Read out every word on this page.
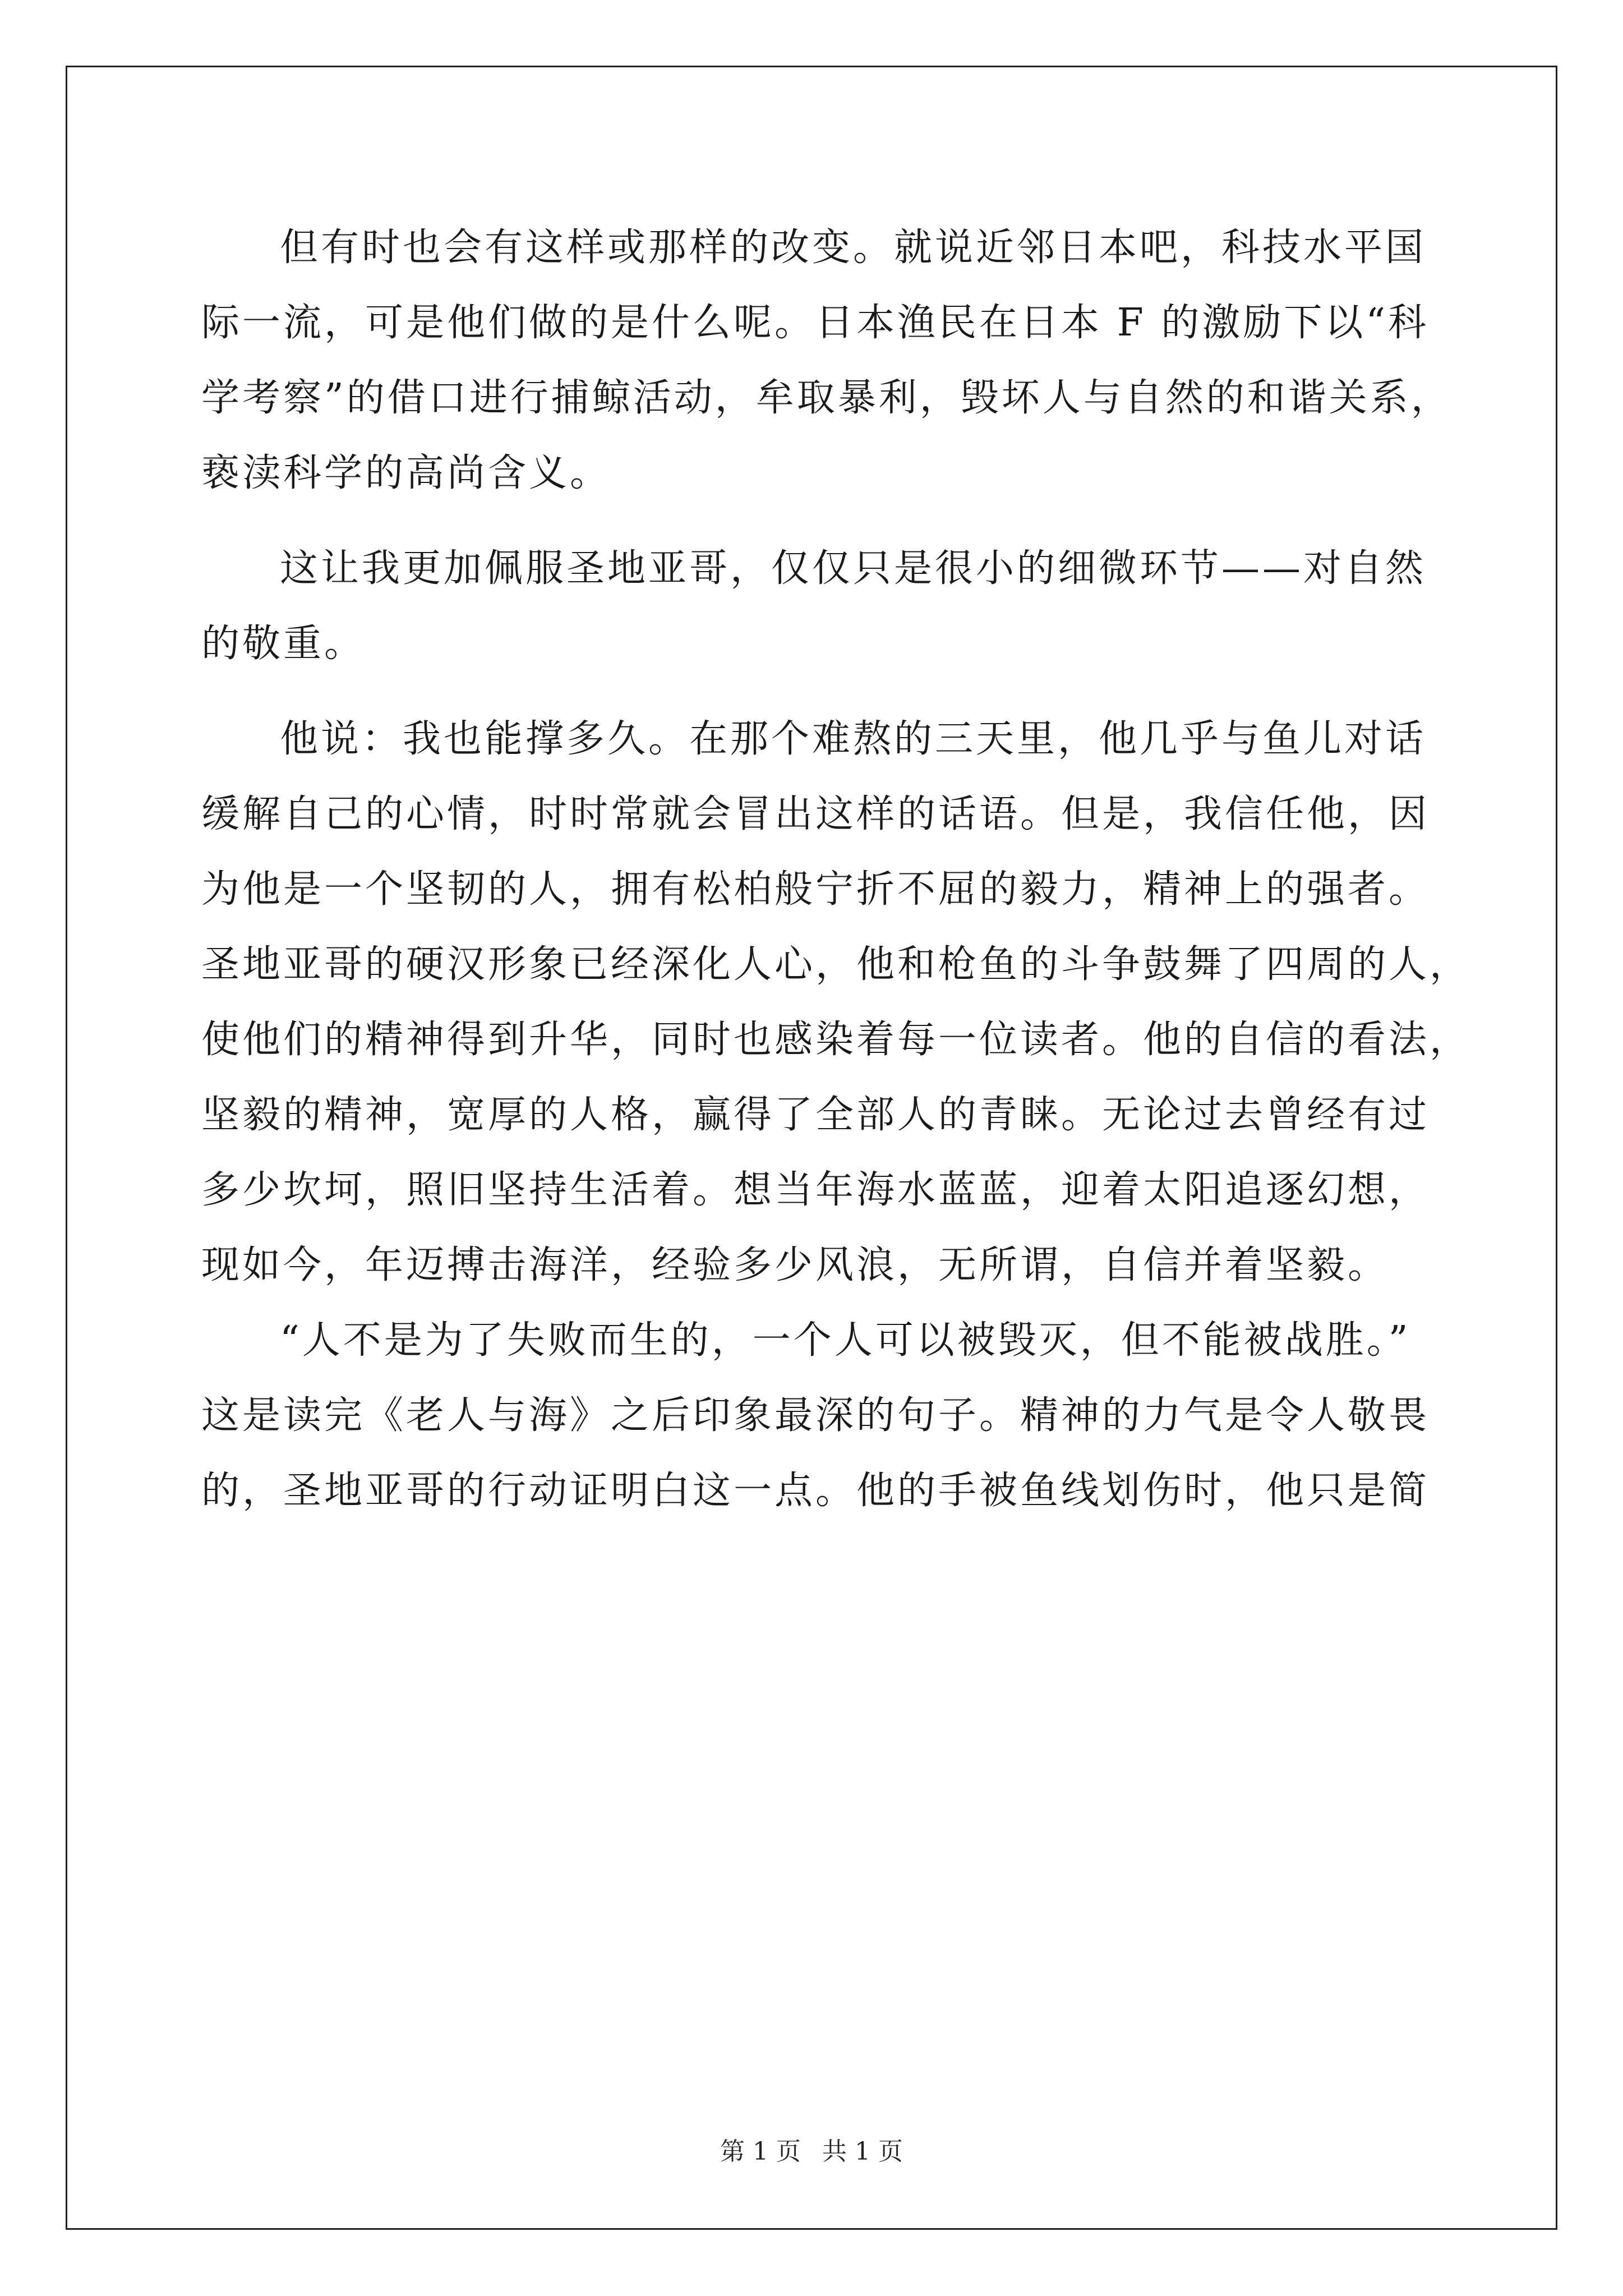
但有时也会有这样或那样的改变。就说近邻日本吧，科技水平国
际一流，可是他们做的是什么呢。日本渔民在日本 F 的激励下以“科
学考察”的借口进行捕鲸活动，牟取暴利，毁坏人与自然的和谐关系，
亵渎科学的高尚含义。
这让我更加佩服圣地亚哥，仅仅只是很小的细微环节——对自然
的敬重。
他说：我也能撑多久。在那个难熬的三天里，他几乎与鱼儿对话
缓解自己的心情，时时常就会冒出这样的话语。但是，我信任他，因
为他是一个坚韧的人，拥有松柏般宁折不屈的毅力，精神上的强者。
圣地亚哥的硬汉形象已经深化人心，他和枪鱼的斗争鼓舞了四周的人，
使他们的精神得到升华，同时也感染着每一位读者。他的自信的看法，
坚毅的精神，宽厚的人格，赢得了全部人的青睐。无论过去曾经有过
多少坎坷，照旧坚持生活着。想当年海水蓝蓝，迎着太阳追逐幻想，
现如今，年迈搏击海洋，经验多少风浪，无所谓，自信并着坚毅。
“人不是为了失败而生的，一个人可以被毁灭，但不能被战胜。”
这是读完《老人与海》之后印象最深的句子。精神的力气是令人敬畏
的，圣地亚哥的行动证明白这一点。他的手被鱼线划伤时，他只是简
第 1 页 共 1 页
